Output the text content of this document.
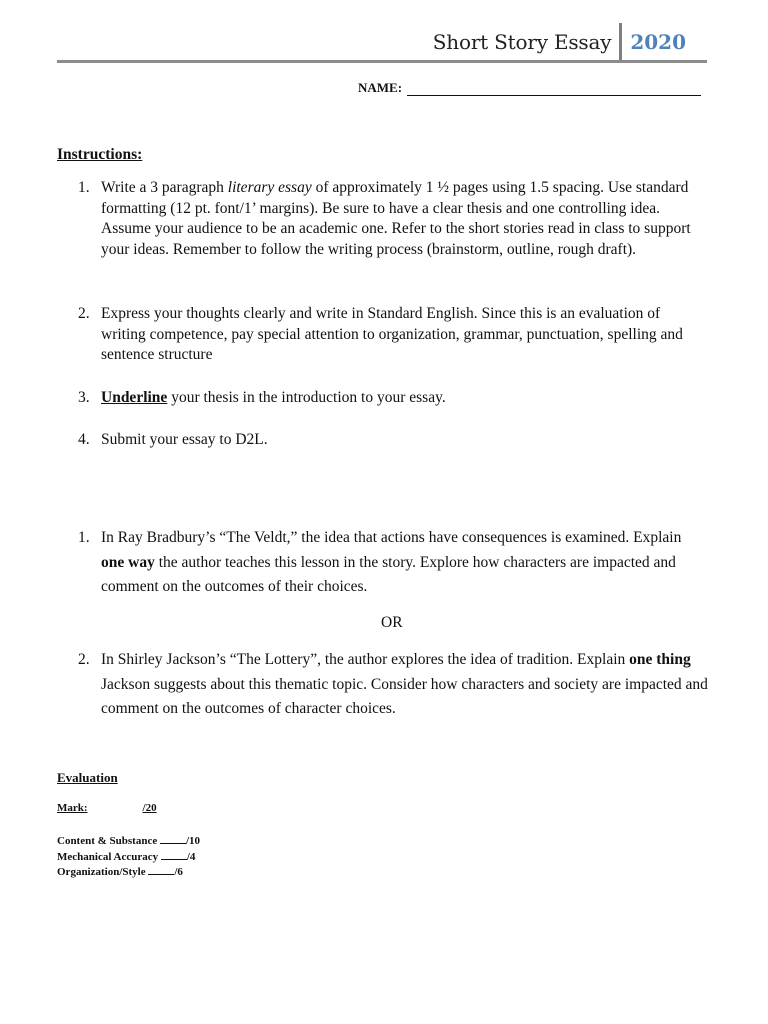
Short Story Essay 2020
NAME:
Instructions:
1. Write a 3 paragraph literary essay of approximately 1 ½ pages using 1.5 spacing. Use standard formatting (12 pt. font/1’ margins). Be sure to have a clear thesis and one controlling idea. Assume your audience to be an academic one. Refer to the short stories read in class to support your ideas. Remember to follow the writing process (brainstorm, outline, rough draft).
2. Express your thoughts clearly and write in Standard English. Since this is an evaluation of writing competence, pay special attention to organization, grammar, punctuation, spelling and sentence structure
3. Underline your thesis in the introduction to your essay.
4. Submit your essay to D2L.
1. In Ray Bradbury’s “The Veldt,” the idea that actions have consequences is examined. Explain one way the author teaches this lesson in the story. Explore how characters are impacted and comment on the outcomes of their choices.
OR
2. In Shirley Jackson’s “The Lottery”, the author explores the idea of tradition. Explain one thing Jackson suggests about this thematic topic. Consider how characters and society are impacted and comment on the outcomes of character choices.
Evaluation
Mark:	/20
Content & Substance /10
Mechanical Accuracy /4
Organization/Style /6
